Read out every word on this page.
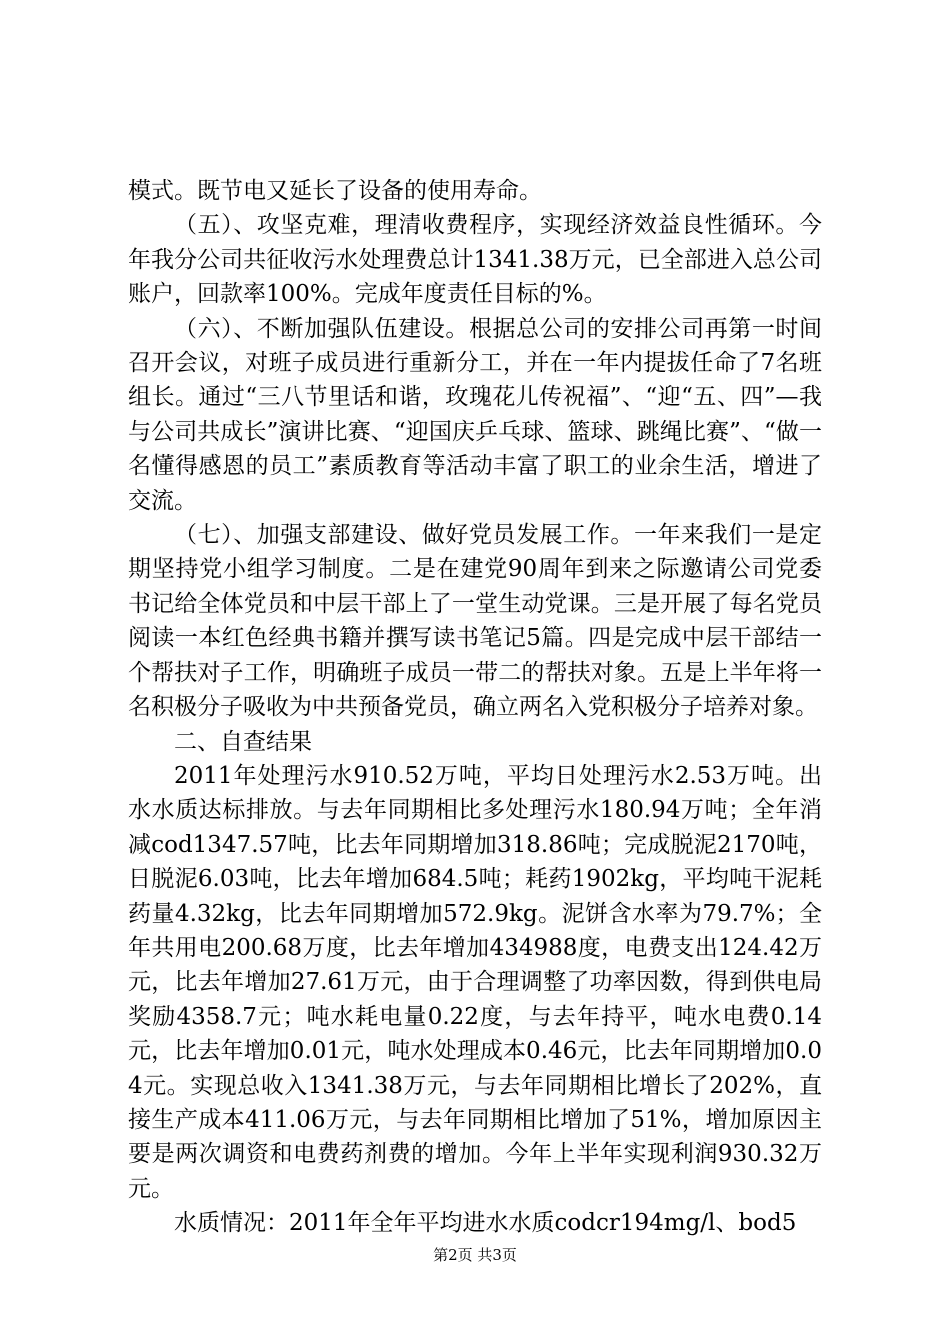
模式。既节电又延长了设备的使用寿命。

（五）、攻坚克难，理清收费程序，实现经济效益良性循环。今年我分公司共征收污水处理费总计1341.38万元，已全部进入总公司账户，回款率100%。完成年度责任目标的%。

（六）、不断加强队伍建设。根据总公司的安排公司再第一时间召开会议，对班子成员进行重新分工，并在一年内提拔任命了7名班组长。通过“三八节里话和谐，玫瑰花儿传祝福”、“迎“五、四”—我与公司共成长”演讲比赛、“迎国庆乒乓球、篮球、跳绳比赛”、“做一名懂得感恩的员工”素质教育等活动丰富了职工的业余生活，增进了交流。

（七）、加强支部建设、做好党员发展工作。一年来我们一是定期坚持党小组学习制度。二是在建党90周年到来之际邀请公司党委书记给全体党员和中层干部上了一堂生动党课。三是开展了每名党员阅读一本红色经典书籍并撰写读书笔记5篇。四是完成中层干部结一个帮扶对子工作，明确班子成员一带二的帮扶对象。五是上半年将一名积极分子吸收为中共预备党员，确立两名入党积极分子培养对象。

二、自查结果

2011年处理污水910.52万吨，平均日处理污水2.53万吨。出水水质达标排放。与去年同期相比多处理污水180.94万吨；全年消减cod1347.57吨，比去年同期增加318.86吨；完成脱泥2170吨，日脱泥6.03吨，比去年增加684.5吨；耗药1902kg，平均吨干泥耗药量4.32kg，比去年同期增加572.9kg。泥饼含水率为79.7%；全年共用电200.68万度，比去年增加434988度，电费支出124.42万元，比去年增加27.61万元，由于合理调整了功率因数，得到供电局奖励4358.7元；吨水耗电量0.22度，与去年持平，吨水电费0.14元，比去年增加0.01元，吨水处理成本0.46元，比去年同期增加0.04元。实现总收入1341.38万元，与去年同期相比增长了202%，直接生产成本411.06万元，与去年同期相比增加了51%，增加原因主要是两次调资和电费药剂费的增加。今年上半年实现利润930.32万元。

水质情况：2011年全年平均进水水质codcr194mg/l、bod5

第2页 共3页
